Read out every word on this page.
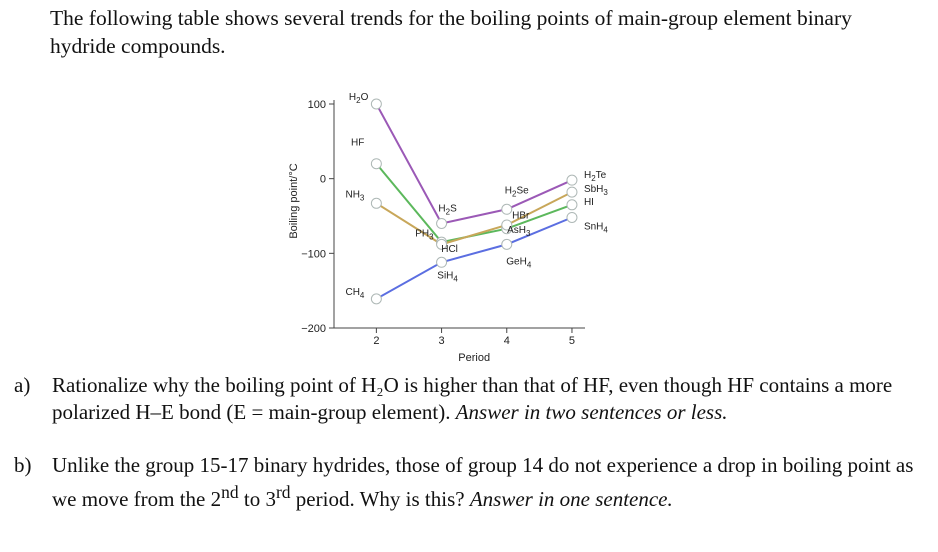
The following table shows several trends for the boiling points of main-group element binary hydride compounds.
100
0
−100
−200
2	3	4	5
Period
Boiling point/°C
$H_2O$
$H_2S$
$H_2Se$
$H_2Te$
HF
HCl
HBr
HI
$NH_3$
$PH_3$
AsH$_3$
SbH$_3$
$CH_4$
SiH$_4$
GeH$_4$
SnH$_4$
a) Rationalize why the boiling point of H₂O is higher than that of HF, even though HF contains a more polarized H–E bond (E = main-group element). Answer in two sentences or less.
b) Unlike the group 15-17 binary hydrides, those of group 14 do not experience a drop in boiling point as we move from the 2nd to 3rd period. Why is this? Answer in one sentence.
